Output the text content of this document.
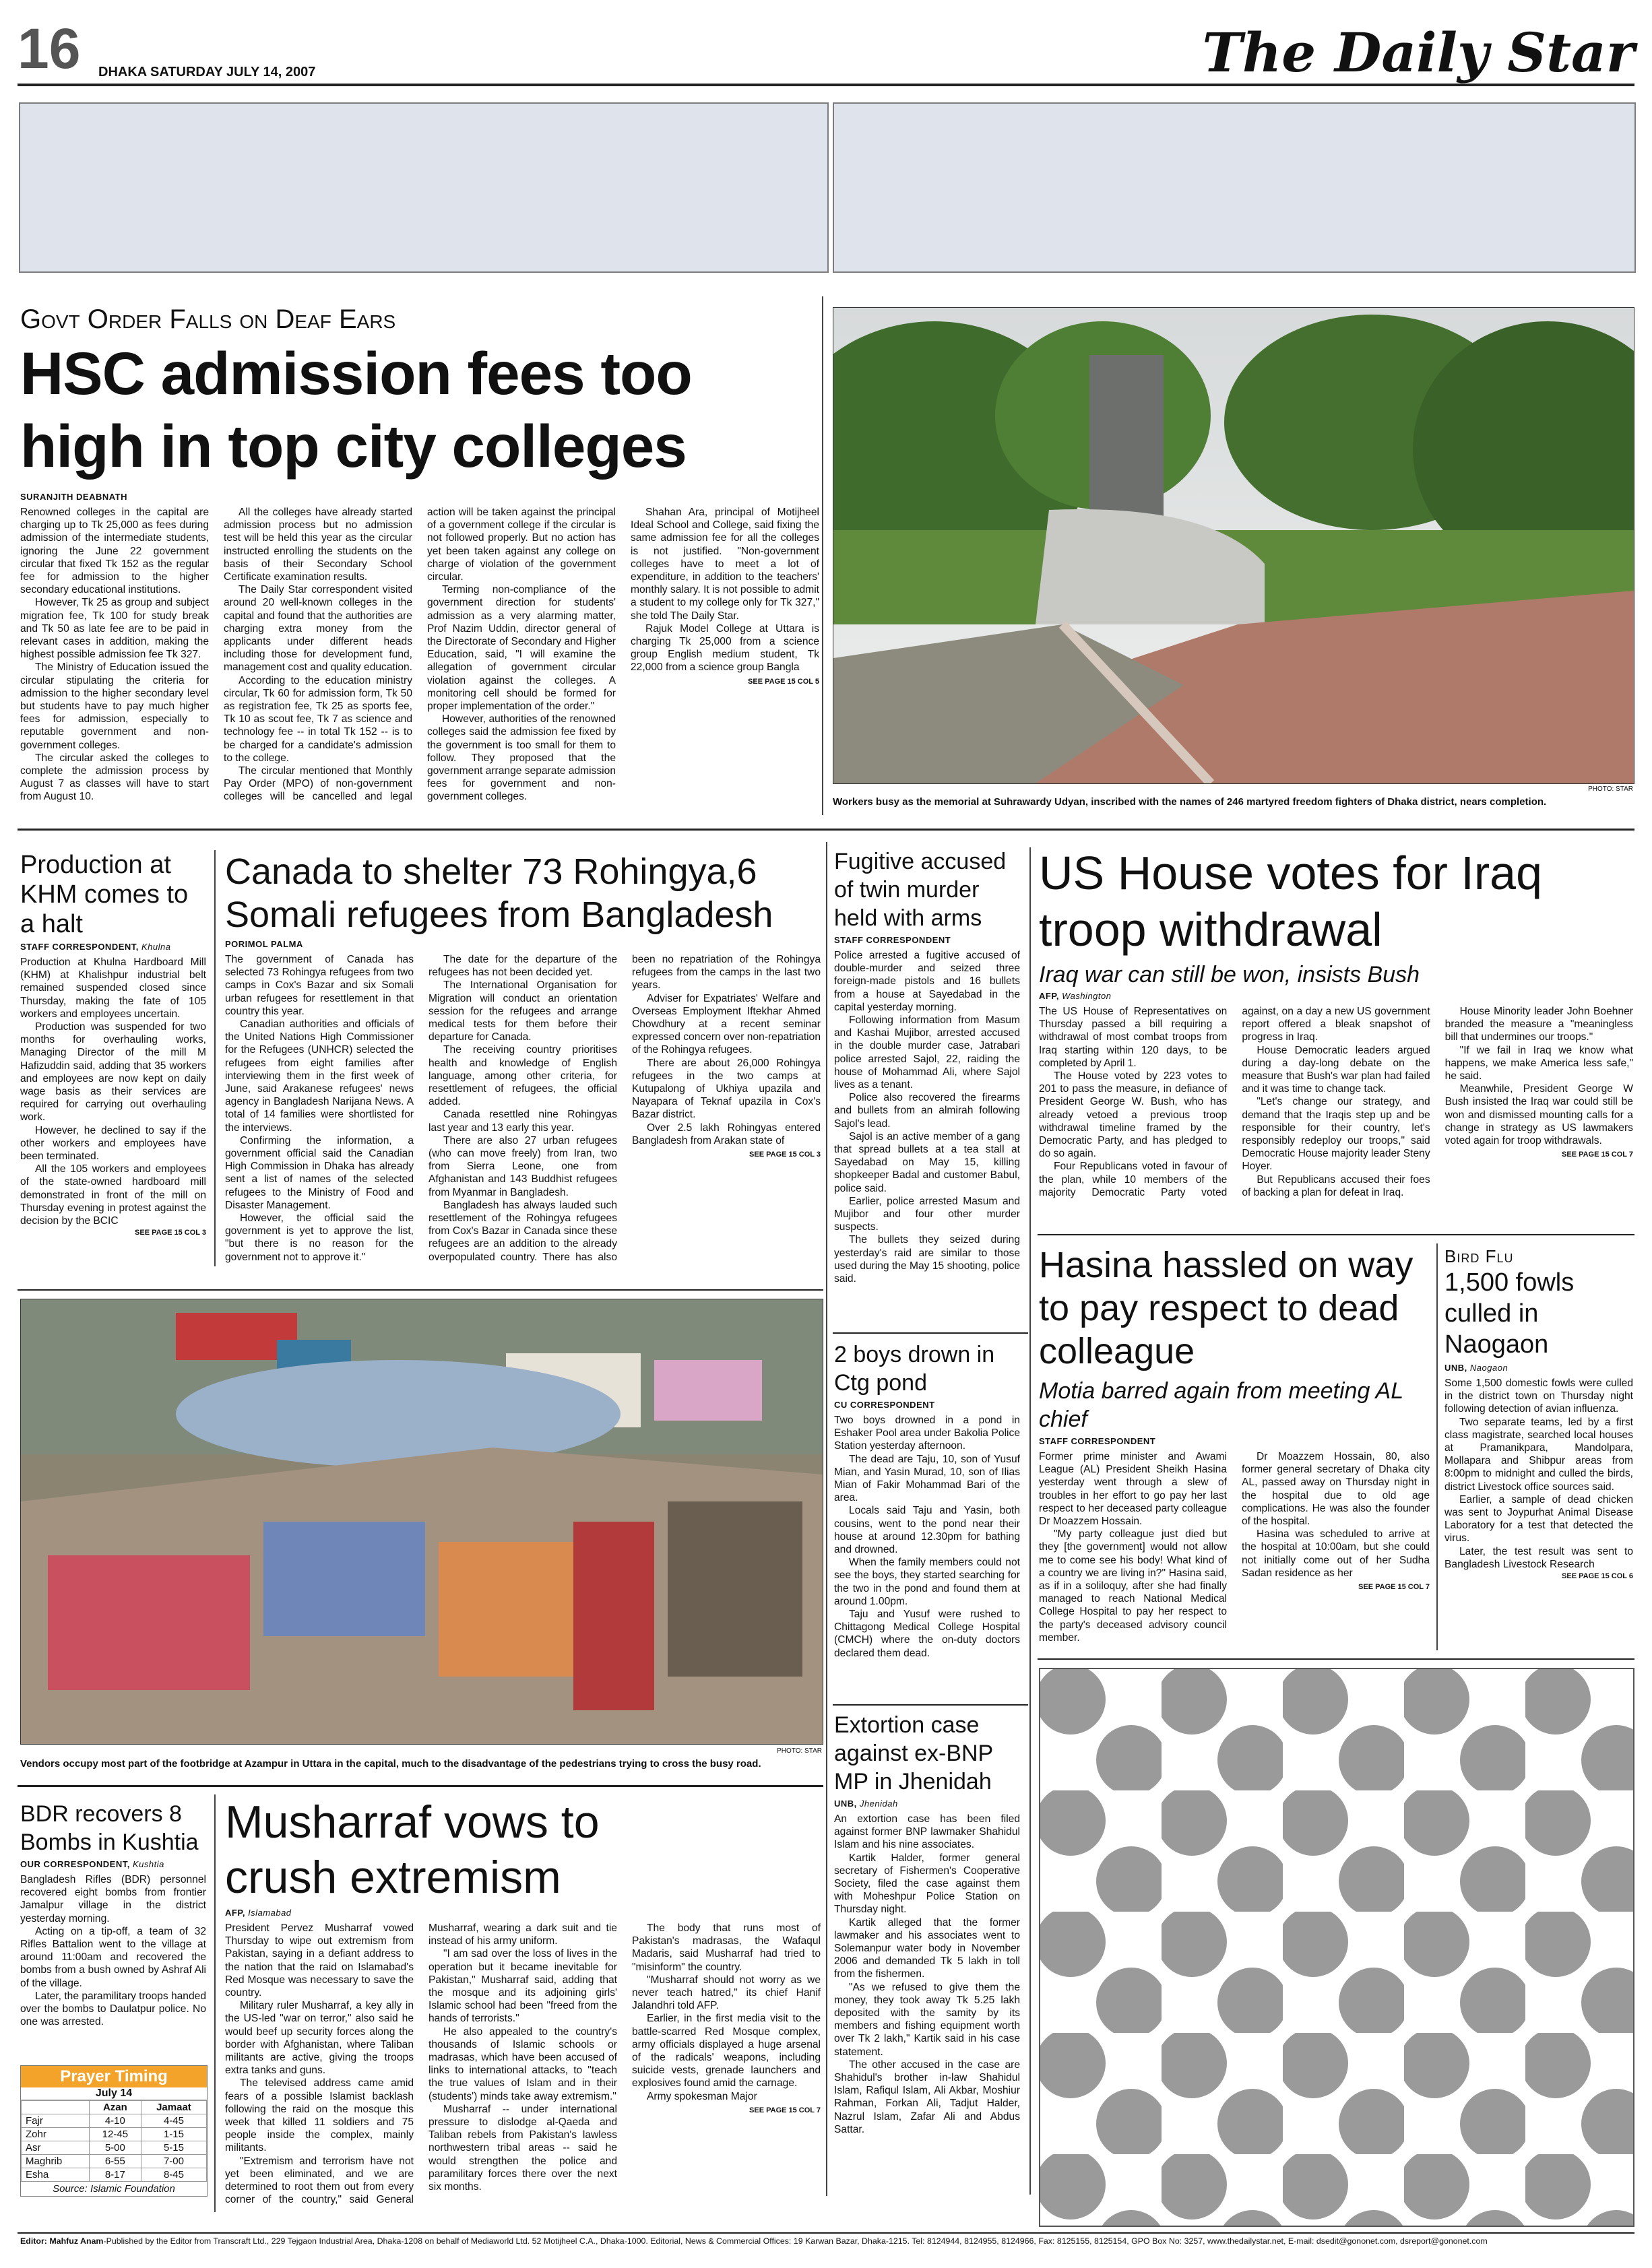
16 DHAKA SATURDAY JULY 14, 2007	The Daily Star
Govt Order Falls on Deaf Ears
HSC admission fees too high in top city colleges
SURANJITH DEABNATH

Renowned colleges in the capital are charging up to Tk 25,000 as fees during admission of the intermediate students, ignoring the June 22 government circular that fixed Tk 152 as the regular fee for admission to the higher secondary educational institutions.

However, Tk 25 as group and subject migration fee, Tk 100 for study break and Tk 50 as late fee are to be paid in relevant cases in addition, making the highest possible admission fee Tk 327.

The Ministry of Education issued the circular stipulating the criteria for admission to the higher secondary level but students have to pay much higher fees for admission, especially to reputable government and non-government colleges.

The circular asked the colleges to complete the admission process by August 7 as classes will have to start from August 10.

All the colleges have already started admission process but no admission test will be held this year as the circular instructed enrolling the students on the basis of their Secondary School Certificate examination results.

The Daily Star correspondent visited around 20 well-known colleges in the capital and found that the authorities are charging extra money from the applicants under different heads including those for development fund, management cost and quality education.

According to the education ministry circular, Tk 60 for admission form, Tk 50 as registration fee, Tk 25 as sports fee, Tk 10 as scout fee, Tk 7 as science and technology fee -- in total Tk 152 -- is to be charged for a candidate's admission to the college.

The circular mentioned that Monthly Pay Order (MPO) of non-government colleges will be cancelled and legal action will be taken against the principal of a government college if the circular is not followed properly. But no action has yet been taken against any college on charge of violation of the government circular.

Terming non-compliance of the government direction for students' admission as a very alarming matter, Prof Nazim Uddin, director general of the Directorate of Secondary and Higher Education, said, "I will examine the allegation of government circular violation against the colleges. A monitoring cell should be formed for proper implementation of the order."

However, authorities of the renowned colleges said the admission fee fixed by the government is too small for them to follow. They proposed that the government arrange separate admission fees for government and non-government colleges.

Shahan Ara, principal of Motijheel Ideal School and College, said fixing the same admission fee for all the colleges is not justified. "Non-government colleges have to meet a lot of expenditure, in addition to the teachers' monthly salary. It is not possible to admit a student to my college only for Tk 327," she told The Daily Star.

Rajuk Model College at Uttara is charging Tk 25,000 from a science group English medium student, Tk 22,000 from a science group Bangla

SEE PAGE 15 COL 5
PHOTO: STAR
Workers busy as the memorial at Suhrawardy Udyan, inscribed with the names of 246 martyred freedom fighters of Dhaka district, nears completion.
Production at KHM comes to a halt
STAFF CORRESPONDENT, Khulna

Production at Khulna Hardboard Mill (KHM) at Khalishpur industrial belt remained suspended closed since Thursday, making the fate of 105 workers and employees uncertain.

Production was suspended for two months for overhauling works, Managing Director of the mill M Hafizuddin said, adding that 35 workers and employees are now kept on daily wage basis as their services are required for carrying out overhauling work.

However, he declined to say if the other workers and employees have been terminated.

All the 105 workers and employees of the state-owned hardboard mill demonstrated in front of the mill on Thursday evening in protest against the decision by the BCIC

SEE PAGE 15 COL 3
Canada to shelter 73 Rohingya,6 Somali refugees from Bangladesh
PORIMOL PALMA

The government of Canada has selected 73 Rohingya refugees from two camps in Cox's Bazar and six Somali urban refugees for resettlement in that country this year.

Canadian authorities and officials of the United Nations High Commissioner for the Refugees (UNHCR) selected the refugees from eight families after interviewing them in the first week of June, said Arakanese refugees' news agency in Bangladesh Narijana News. A total of 14 families were shortlisted for the interviews.

Confirming the information, a government official said the Canadian High Commission in Dhaka has already sent a list of names of the selected refugees to the Ministry of Food and Disaster Management.

However, the official said the government is yet to approve the list, "but there is no reason for the government not to approve it."

The date for the departure of the refugees has not been decided yet.

The International Organisation for Migration will conduct an orientation session for the refugees and arrange medical tests for them before their departure for Canada.

The receiving country prioritises health and knowledge of English language, among other criteria, for resettlement of refugees, the official added.

Canada resettled nine Rohingyas last year and 13 early this year.

There are also 27 urban refugees (who can move freely) from Iran, two from Sierra Leone, one from Afghanistan and 143 Buddhist refugees from Myanmar in Bangladesh.

Bangladesh has always lauded such resettlement of the Rohingya refugees from Cox's Bazar in Canada since these refugees are an addition to the already overpopulated country. There has also been no repatriation of the Rohingya refugees from the camps in the last two years.

Adviser for Expatriates' Welfare and Overseas Employment Iftekhar Ahmed Chowdhury at a recent seminar expressed concern over non-repatriation of the Rohingya refugees.

There are about 26,000 Rohingya refugees in the two camps at Kutupalong of Ukhiya upazila and Nayapara of Teknaf upazila in Cox's Bazar district.

Over 2.5 lakh Rohingyas entered Bangladesh from Arakan state of

SEE PAGE 15 COL 3
Fugitive accused of twin murder held with arms
STAFF CORRESPONDENT

Police arrested a fugitive accused of double-murder and seized three foreign-made pistols and 16 bullets from a house at Sayedabad in the capital yesterday morning.

Following information from Masum and Kashai Mujibor, arrested accused in the double murder case, Jatrabari police arrested Sajol, 22, raiding the house of Mohammad Ali, where Sajol lives as a tenant.

Police also recovered the firearms and bullets from an almirah following Sajol's lead.

Sajol is an active member of a gang that spread bullets at a tea stall at Sayedabad on May 15, killing shopkeeper Badal and customer Babul, police said.

Earlier, police arrested Masum and Mujibor and four other murder suspects.

The bullets they seized during yesterday's raid are similar to those used during the May 15 shooting, police said.

US House votes for Iraq troop withdrawal
Iraq war can still be won, insists Bush
AFP, Washington

The US House of Representatives on Thursday passed a bill requiring a withdrawal of most combat troops from Iraq starting within 120 days, to be completed by April 1.

The House voted by 223 votes to 201 to pass the measure, in defiance of President George W. Bush, who has already vetoed a previous troop withdrawal timeline framed by the Democratic Party, and has pledged to do so again.

Four Republicans voted in favour of the plan, while 10 members of the majority Democratic Party voted against, on a day a new US government report offered a bleak snapshot of progress in Iraq.

House Democratic leaders argued during a day-long debate on the measure that Bush's war plan had failed and it was time to change tack.

"Let's change our strategy, and demand that the Iraqis step up and be responsible for their country, let's responsibly redeploy our troops," said Democratic House majority leader Steny Hoyer.

But Republicans accused their foes of backing a plan for defeat in Iraq.

House Minority leader John Boehner branded the measure a "meaningless bill that undermines our troops."

"If we fail in Iraq we know what happens, we make America less safe," he said.

Meanwhile, President George W Bush insisted the Iraq war could still be won and dismissed mounting calls for a change in strategy as US lawmakers voted again for troop withdrawals.

SEE PAGE 15 COL 7
PHOTO: STAR
Vendors occupy most part of the footbridge at Azampur in Uttara in the capital, much to the disadvantage of the pedestrians trying to cross the busy road.
2 boys drown in Ctg pond
CU CORRESPONDENT

Two boys drowned in a pond in Eshaker Pool area under Bakolia Police Station yesterday afternoon.

The dead are Taju, 10, son of Yusuf Mian, and Yasin Murad, 10, son of Ilias Mian of Fakir Mohammad Bari of the area.

Locals said Taju and Yasin, both cousins, went to the pond near their house at around 12.30pm for bathing and drowned.

When the family members could not see the boys, they started searching for the two in the pond and found them at around 1.00pm.

Taju and Yusuf were rushed to Chittagong Medical College Hospital (CMCH) where the on-duty doctors declared them dead.

Hasina hassled on way to pay respect to dead colleague
Motia barred again from meeting AL chief
STAFF CORRESPONDENT

Former prime minister and Awami League (AL) President Sheikh Hasina yesterday went through a slew of troubles in her effort to go pay her last respect to her deceased party colleague Dr Moazzem Hossain.

"My party colleague just died but they [the government] would not allow me to come see his body! What kind of a country we are living in?" Hasina said, as if in a soliloquy, after she had finally managed to reach National Medical College Hospital to pay her respect to the party's deceased advisory council member.

Dr Moazzem Hossain, 80, also former general secretary of Dhaka city AL, passed away on Thursday night in the hospital due to old age complications. He was also the founder of the hospital.

Hasina was scheduled to arrive at the hospital at 10:00am, but she could not initially come out of her Sudha Sadan residence as her

SEE PAGE 15 COL 7
Bird Flu
1,500 fowls culled in Naogaon
UNB, Naogaon

Some 1,500 domestic fowls were culled in the district town on Thursday night following detection of avian influenza.

Two separate teams, led by a first class magistrate, searched local houses at Pramanikpara, Mandolpara, Mollapara and Shibpur areas from 8:00pm to midnight and culled the birds, district Livestock office sources said.

Earlier, a sample of dead chicken was sent to Joypurhat Animal Disease Laboratory for a test that detected the virus.

Later, the test result was sent to Bangladesh Livestock Research

SEE PAGE 15 COL 6
Extortion case against ex-BNP MP in Jhenidah
UNB, Jhenidah

An extortion case has been filed against former BNP lawmaker Shahidul Islam and his nine associates.

Kartik Halder, former general secretary of Fishermen's Cooperative Society, filed the case against them with Moheshpur Police Station on Thursday night.

Kartik alleged that the former lawmaker and his associates went to Solemanpur water body in November 2006 and demanded Tk 5 lakh in toll from the fishermen.

"As we refused to give them the money, they took away Tk 5.25 lakh deposited with the samity by its members and fishing equipment worth over Tk 2 lakh," Kartik said in his case statement.

The other accused in the case are Shahidul's brother in-law Shahidul Islam, Rafiqul Islam, Ali Akbar, Moshiur Rahman, Forkan Ali, Tadjut Halder, Nazrul Islam, Zafar Ali and Abdus Sattar.

BDR recovers 8 Bombs in Kushtia
OUR CORRESPONDENT, Kushtia

Bangladesh Rifles (BDR) personnel recovered eight bombs from frontier Jamalpur village in the district yesterday morning.

Acting on a tip-off, a team of 32 Rifles Battalion went to the village at around 11:00am and recovered the bombs from a bush owned by Ashraf Ali of the village.

Later, the paramilitary troops handed over the bombs to Daulatpur police. No one was arrested.

Prayer Timing
July 14
	Azan	Jamaat
Fajr	4-10	4-45
Zohr	12-45	1-15
Asr	5-00	5-15
Maghrib	6-55	7-00
Esha	8-17	8-45
Source: Islamic Foundation
Musharraf vows to crush extremism
AFP, Islamabad

President Pervez Musharraf vowed Thursday to wipe out extremism from Pakistan, saying in a defiant address to the nation that the raid on Islamabad's Red Mosque was necessary to save the country.

Military ruler Musharraf, a key ally in the US-led "war on terror," also said he would beef up security forces along the border with Afghanistan, where Taliban militants are active, giving the troops extra tanks and guns.

The televised address came amid fears of a possible Islamist backlash following the raid on the mosque this week that killed 11 soldiers and 75 people inside the complex, mainly militants.

"Extremism and terrorism have not yet been eliminated, and we are determined to root them out from every corner of the country," said General Musharraf, wearing a dark suit and tie instead of his army uniform.

"I am sad over the loss of lives in the operation but it became inevitable for Pakistan," Musharraf said, adding that the mosque and its adjoining girls' Islamic school had been "freed from the hands of terrorists."

He also appealed to the country's thousands of Islamic schools or madrasas, which have been accused of links to international attacks, to "teach the true values of Islam and in their (students') minds take away extremism."

Musharraf -- under international pressure to dislodge al-Qaeda and Taliban rebels from Pakistan's lawless northwestern tribal areas -- said he would strengthen the police and paramilitary forces there over the next six months.

The body that runs most of Pakistan's madrasas, the Wafaqul Madaris, said Musharraf had tried to "misinform" the country.

"Musharraf should not worry as we never teach hatred," its chief Hanif Jalandhri told AFP.

Earlier, in the first media visit to the battle-scarred Red Mosque complex, army officials displayed a huge arsenal of the radicals' weapons, including suicide vests, grenade launchers and explosives found amid the carnage.

Army spokesman Major

SEE PAGE 15 COL 7
Editor: Mahfuz Anam-Published by the Editor from Transcraft Ltd., 229 Tejgaon Industrial Area, Dhaka-1208 on behalf of Mediaworld Ltd. 52 Motijheel C.A., Dhaka-1000. Editorial, News & Commercial Offices: 19 Karwan Bazar, Dhaka-1215. Tel: 8124944, 8124955, 8124966, Fax: 8125155, 8125154, GPO Box No: 3257, www.thedailystar.net, E-mail: dsedit@gononet.com, dsreport@gononet.com
